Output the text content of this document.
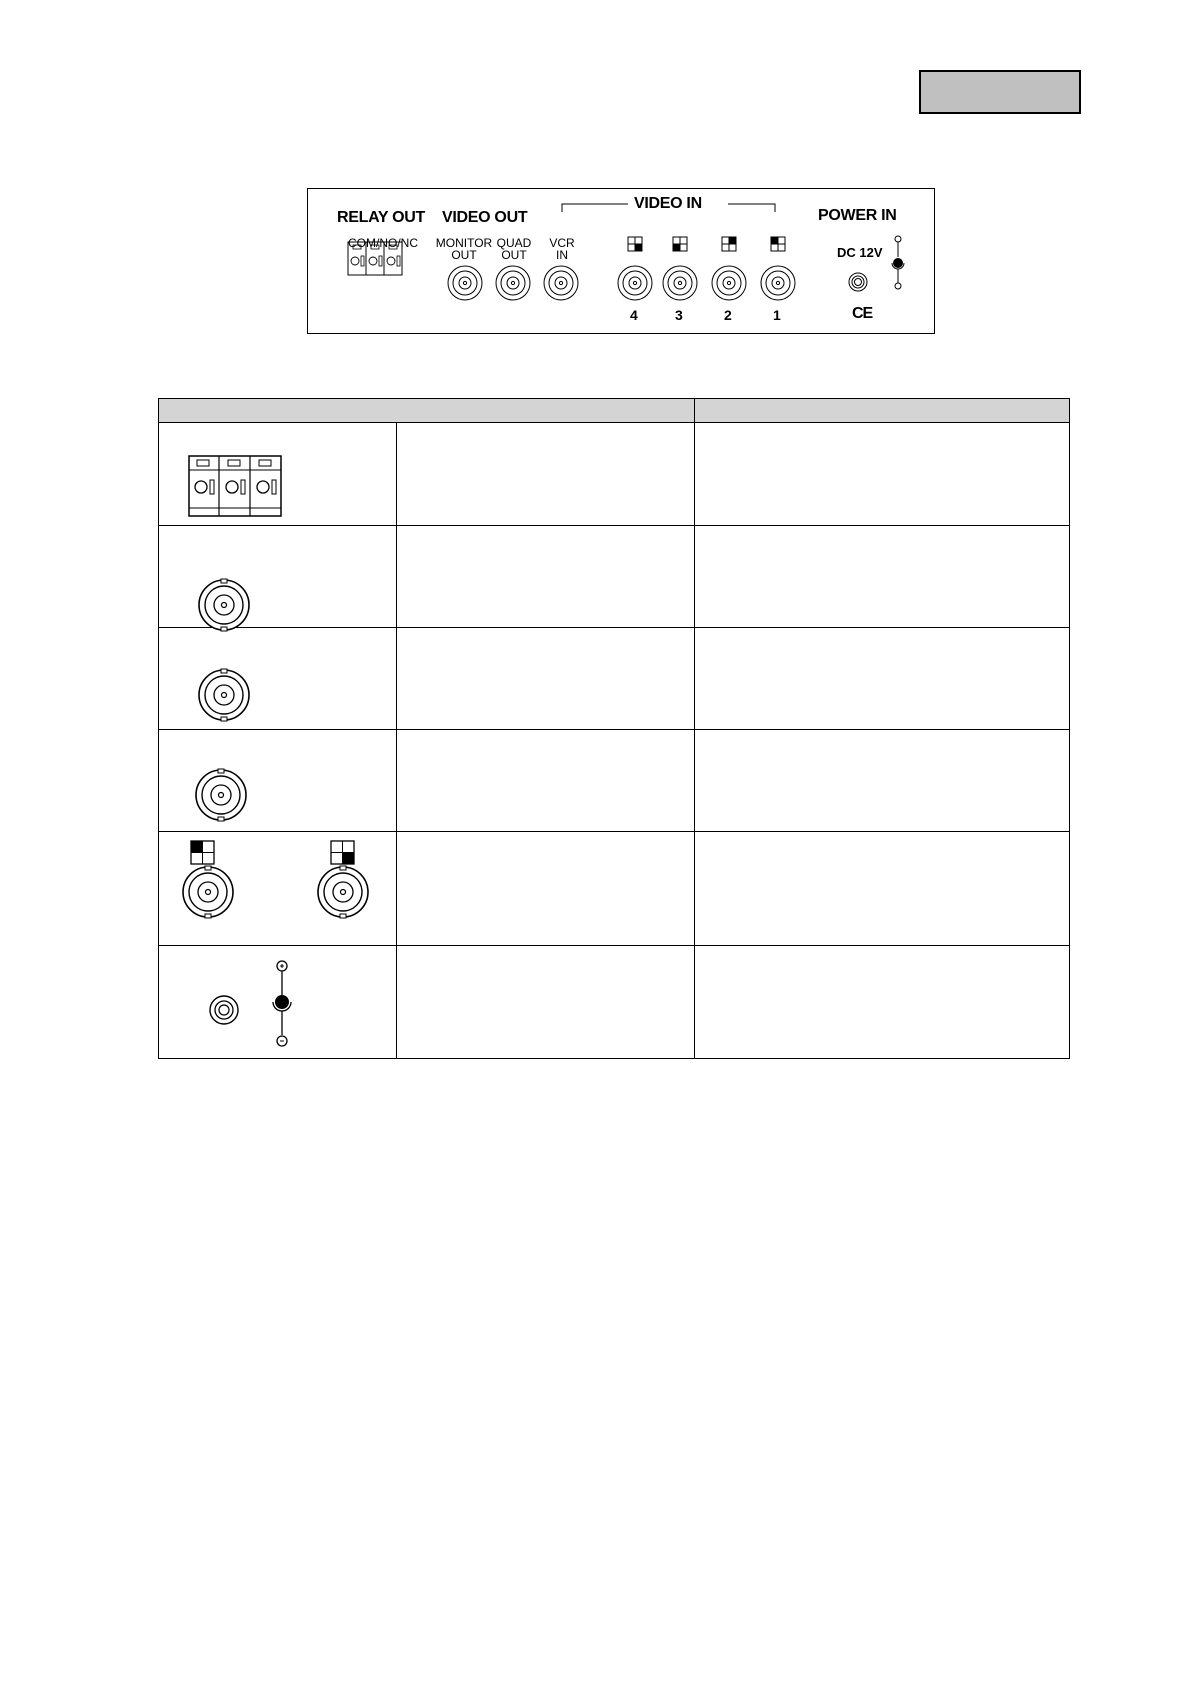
RELAY OUT
COM/NO/NC
VIDEO OUT
MONITOR
OUT
QUAD
OUT
VCR
IN
VIDEO IN
4	3	2	1
POWER IN
DC 12V
CE
